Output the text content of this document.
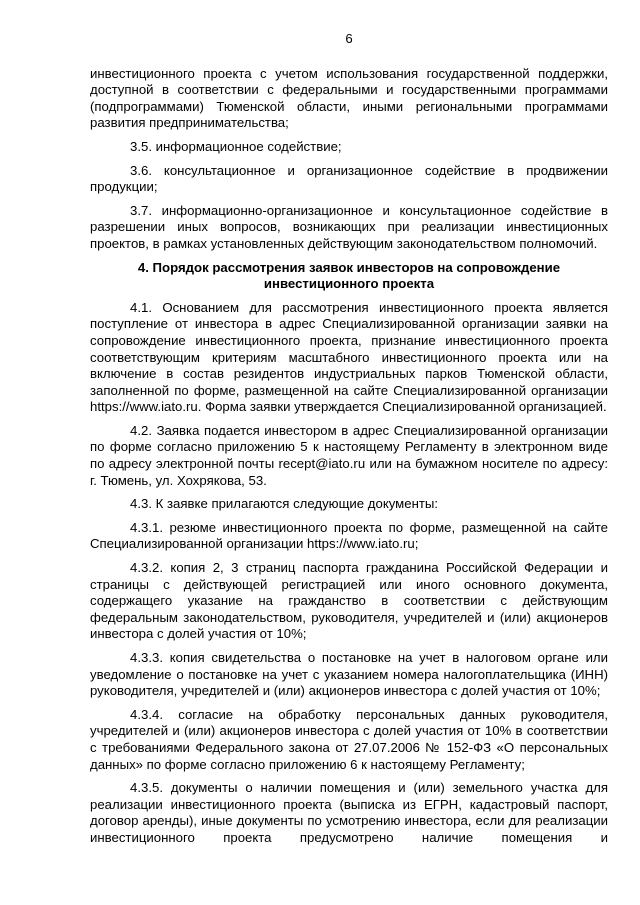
6

инвестиционного проекта с учетом использования государственной поддержки, доступной в соответствии с федеральными и государственными программами (подпрограммами) Тюменской области, иными региональными программами развития предпринимательства;

3.5. информационное содействие;

3.6. консультационное и организационное содействие в продвижении продукции;

3.7. информационно-организационное и консультационное содействие в разрешении иных вопросов, возникающих при реализации инвестиционных проектов, в рамках установленных действующим законодательством полномочий.

4. Порядок рассмотрения заявок инвесторов на сопровождение инвестиционного проекта

4.1. Основанием для рассмотрения инвестиционного проекта является поступление от инвестора в адрес Специализированной организации заявки на сопровождение инвестиционного проекта, признание инвестиционного проекта соответствующим критериям масштабного инвестиционного проекта или на включение в состав резидентов индустриальных парков Тюменской области, заполненной по форме, размещенной на сайте Специализированной организации https://www.iato.ru. Форма заявки утверждается Специализированной организацией.

4.2. Заявка подается инвестором в адрес Специализированной организации по форме согласно приложению 5 к настоящему Регламенту в электронном виде по адресу электронной почты recept@iato.ru или на бумажном носителе по адресу: г. Тюмень, ул. Хохрякова, 53.

4.3. К заявке прилагаются следующие документы:

4.3.1. резюме инвестиционного проекта по форме, размещенной на сайте Специализированной организации https://www.iato.ru;

4.3.2. копия 2, 3 страниц паспорта гражданина Российской Федерации и страницы с действующей регистрацией или иного основного документа, содержащего указание на гражданство в соответствии с действующим федеральным законодательством, руководителя, учредителей и (или) акционеров инвестора с долей участия от 10%;

4.3.3. копия свидетельства о постановке на учет в налоговом органе или уведомление о постановке на учет с указанием номера налогоплательщика (ИНН) руководителя, учредителей и (или) акционеров инвестора с долей участия от 10%;

4.3.4. согласие на обработку персональных данных руководителя, учредителей и (или) акционеров инвестора с долей участия от 10% в соответствии с требованиями Федерального закона от 27.07.2006 № 152-ФЗ «О персональных данных» по форме согласно приложению 6 к настоящему Регламенту;

4.3.5. документы о наличии помещения и (или) земельного участка для реализации инвестиционного проекта (выписка из ЕГРН, кадастровый паспорт, договор аренды), иные документы по усмотрению инвестора, если для реализации инвестиционного проекта предусмотрено наличие помещения и
